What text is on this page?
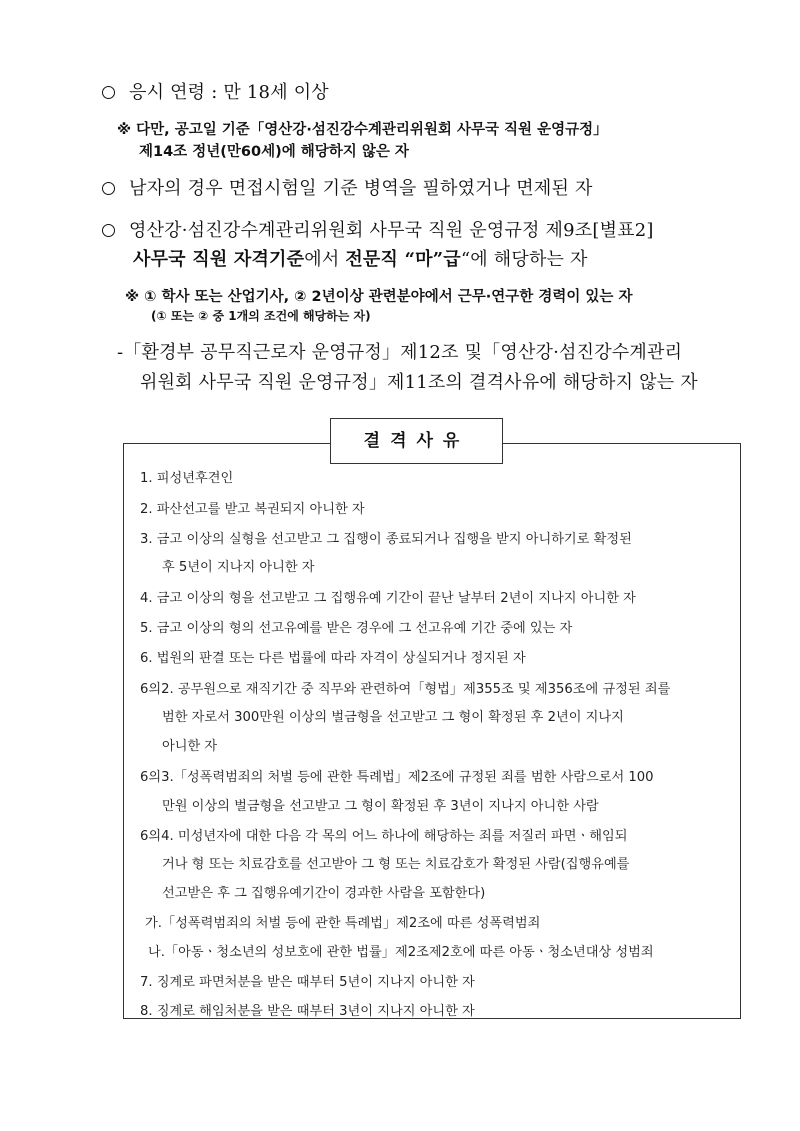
응시 연령 : 만 18세 이상
※ 다만, 공고일 기준「영산강·섬진강수계관리위원회 사무국 직원 운영규정」
제14조 정년(만60세)에 해당하지 않은 자
남자의 경우 면접시험일 기준 병역을 필하였거나 면제된 자
영산강·섬진강수계관리위원회 사무국 직원 운영규정 제9조[별표2]
사무국 직원 자격기준에서 전문직 “마”급“에 해당하는 자
※ ① 학사 또는 산업기사, ② 2년이상 관련분야에서 근무·연구한 경력이 있는 자
(① 또는 ② 중 1개의 조건에 해당하는 자)
-「환경부 공무직근로자 운영규정」제12조 및「영산강·섬진강수계관리
위원회 사무국 직원 운영규정」제11조의 결격사유에 해당하지 않는 자
결격사유
1. 피성년후견인
2. 파산선고를 받고 복권되지 아니한 자
3. 금고 이상의 실형을 선고받고 그 집행이 종료되거나 집행을 받지 아니하기로 확정된
후 5년이 지나지 아니한 자
4. 금고 이상의 형을 선고받고 그 집행유예 기간이 끝난 날부터 2년이 지나지 아니한 자
5. 금고 이상의 형의 선고유예를 받은 경우에 그 선고유예 기간 중에 있는 자
6. 법원의 판결 또는 다른 법률에 따라 자격이 상실되거나 정지된 자
6의2. 공무원으로 재직기간 중 직무와 관련하여「형법」제355조 및 제356조에 규정된 죄를
범한 자로서 300만원 이상의 벌금형을 선고받고 그 형이 확정된 후 2년이 지나지
아니한 자
6의3.「성폭력범죄의 처벌 등에 관한 특례법」제2조에 규정된 죄를 범한 사람으로서 100
만원 이상의 벌금형을 선고받고 그 형이 확정된 후 3년이 지나지 아니한 사람
6의4. 미성년자에 대한 다음 각 목의 어느 하나에 해당하는 죄를 저질러 파면ㆍ해임되
거나 형 또는 치료감호를 선고받아 그 형 또는 치료감호가 확정된 사람(집행유예를
선고받은 후 그 집행유예기간이 경과한 사람을 포함한다)
가.「성폭력범죄의 처벌 등에 관한 특례법」제2조에 따른 성폭력범죄
나.「아동ㆍ청소년의 성보호에 관한 법률」제2조제2호에 따른 아동ㆍ청소년대상 성범죄
7. 징계로 파면처분을 받은 때부터 5년이 지나지 아니한 자
8. 징계로 해임처분을 받은 때부터 3년이 지나지 아니한 자
